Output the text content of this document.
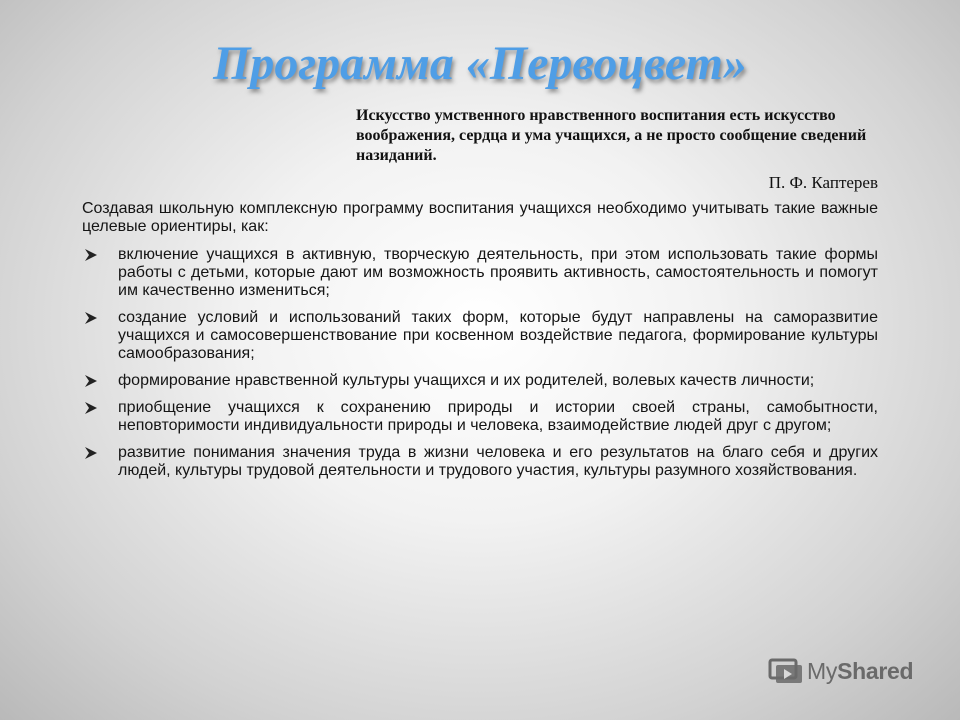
Программа «Первоцвет»

Искусство умственного нравственного воспитания есть искусство воображения, сердца и ума учащихся, а не просто сообщение сведений назиданий.

П. Ф. Каптерев

Создавая школьную комплексную программу воспитания учащихся необходимо учитывать такие важные целевые ориентиры, как:

включение учащихся в активную, творческую деятельность, при этом использовать такие формы работы с детьми, которые дают им возможность проявить активность, самостоятельность и помогут им качественно измениться;
создание условий и использований таких форм, которые будут направлены на саморазвитие учащихся и самосовершенствование при косвенном воздействие педагога, формирование культуры самообразования;
формирование нравственной культуры учащихся и их родителей, волевых качеств личности;
приобщение учащихся к сохранению природы и истории своей страны, самобытности, неповторимости индивидуальности природы и человека, взаимодействие людей друг с другом;
развитие понимания значения труда в жизни человека и его результатов на благо себя и других людей, культуры трудовой деятельности и трудового участия, культуры разумного хозяйствования.
My Shared
